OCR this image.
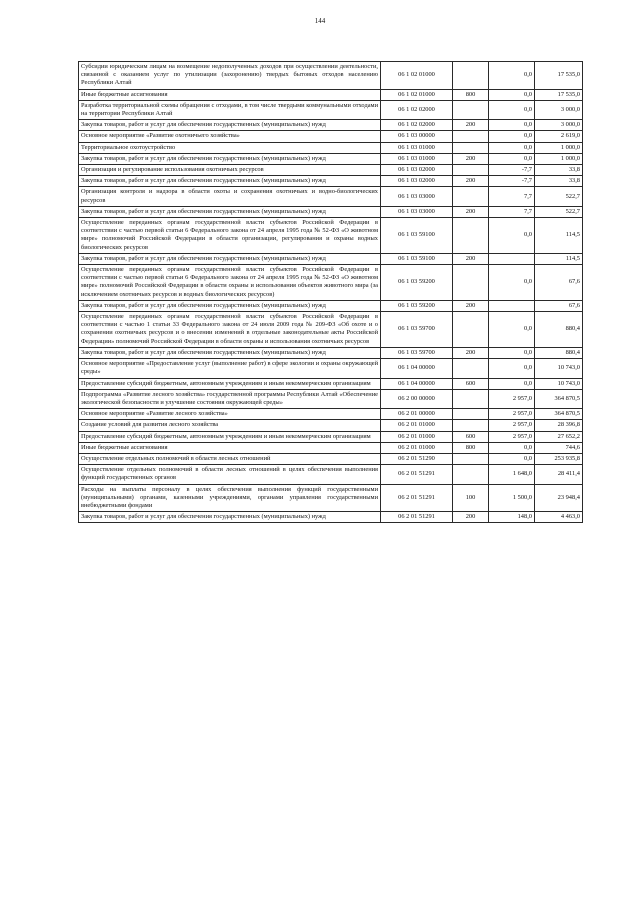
144
Субсидии юридическим лицам на возмещение недополученных доходов при осуществлении деятельности, связанной с оказанием услуг по утилизации (захоронению) твердых бытовых отходов населению Республики Алтай	06 1 02 01000		0,0	17 535,0
Иные бюджетные ассигнования	06 1 02 01000	800	0,0	17 535,0
Разработка территориальной схемы обращения с отходами, в том числе твердыми коммунальными отходами на территории Республики Алтай	06 1 02 02000		0,0	3 000,0
Закупка товаров, работ и услуг для обеспечения государственных (муниципальных) нужд	06 1 02 02000	200	0,0	3 000,0
Основное мероприятие «Развитие охотничьего хозяйства»	06 1 03 00000		0,0	2 619,0
Территориальное охотоустройство	06 1 03 01000		0,0	1 000,0
Закупка товаров, работ и услуг для обеспечения государственных (муниципальных) нужд	06 1 03 01000	200	0,0	1 000,0
Организация и регулирование использования охотничьих ресурсов	06 1 03 02000		-7,7	33,8
Закупка товаров, работ и услуг для обеспечения государственных (муниципальных) нужд	06 1 03 02000	200	-7,7	33,8
Организация контроля и надзора в области охоты и сохранения охотничьих и водно-биологических ресурсов	06 1 03 03000		7,7	522,7
Закупка товаров, работ и услуг для обеспечения государственных (муниципальных) нужд	06 1 03 03000	200	7,7	522,7
Осуществление переданных органам государственной власти субъектов Российской Федерации в соответствии с частью первой статьи 6 Федерального закона от 24 апреля 1995 года № 52-ФЗ «О животном мире» полномочий Российской Федерации в области организации, регулирования и охраны водных биологических ресурсов	06 1 03 59100		0,0	114,5
Закупка товаров, работ и услуг для обеспечения государственных (муниципальных) нужд	06 1 03 59100	200		114,5
Осуществление переданных органам государственной власти субъектов Российской Федерации в соответствии с частью первой статьи 6 Федерального закона от 24 апреля 1995 года № 52-ФЗ «О животном мире» полномочий Российской Федерации в области охраны и использования объектов животного мира (за исключением охотничьих ресурсов и водных биологических ресурсов)	06 1 03 59200		0,0	67,6
Закупка товаров, работ и услуг для обеспечения государственных (муниципальных) нужд	06 1 03 59200	200		67,6
Осуществление переданных органам государственной власти субъектов Российской Федерации в соответствии с частью 1 статьи 33 Федерального закона от 24 июля 2009 года № 209-ФЗ «Об охоте и о сохранении охотничьих ресурсов и о внесении изменений в отдельные законодательные акты Российской Федерации» полномочий Российской Федерации в области охраны и использования охотничьих ресурсов	06 1 03 59700		0,0	880,4
Закупка товаров, работ и услуг для обеспечения государственных (муниципальных) нужд	06 1 03 59700	200	0,0	880,4
Основное мероприятие «Предоставление услуг (выполнение работ) в сфере экологии и охраны окружающей среды»	06 1 04 00000		0,0	10 743,0
Предоставление субсидий бюджетным, автономным учреждениям и иным некоммерческим организациям	06 1 04 00000	600	0,0	10 743,0
Подпрограмма «Развитие лесного хозяйства» государственной программы Республики Алтай «Обеспечение экологической безопасности и улучшение состояния окружающей среды»	06 2 00 00000		2 957,0	364 870,5
Основное мероприятие «Развитие лесного хозяйства»	06 2 01 00000		2 957,0	364 870,5
Создание условий для развития лесного хозяйства	06 2 01 01000		2 957,0	28 396,8
Предоставление субсидий бюджетным, автономным учреждениям и иным некоммерческим организациям	06 2 01 01000	600	2 957,0	27 652,2
Иные бюджетные ассигнования	06 2 01 01000	800	0,0	744,6
Осуществление отдельных полномочий в области лесных отношений	06 2 01 51290		0,0	253 935,8
Осуществление отдельных полномочий в области лесных отношений в целях обеспечения выполнения функций государственных органов	06 2 01 51291		1 648,0	28 411,4
Расходы на выплаты персоналу в целях обеспечения выполнения функций государственными (муниципальными) органами, казенными учреждениями, органами управления государственными внебюджетными фондами	06 2 01 51291	100	1 500,0	23 948,4
Закупка товаров, работ и услуг для обеспечения государственных (муниципальных) нужд	06 2 01 51291	200	148,0	4 463,0
